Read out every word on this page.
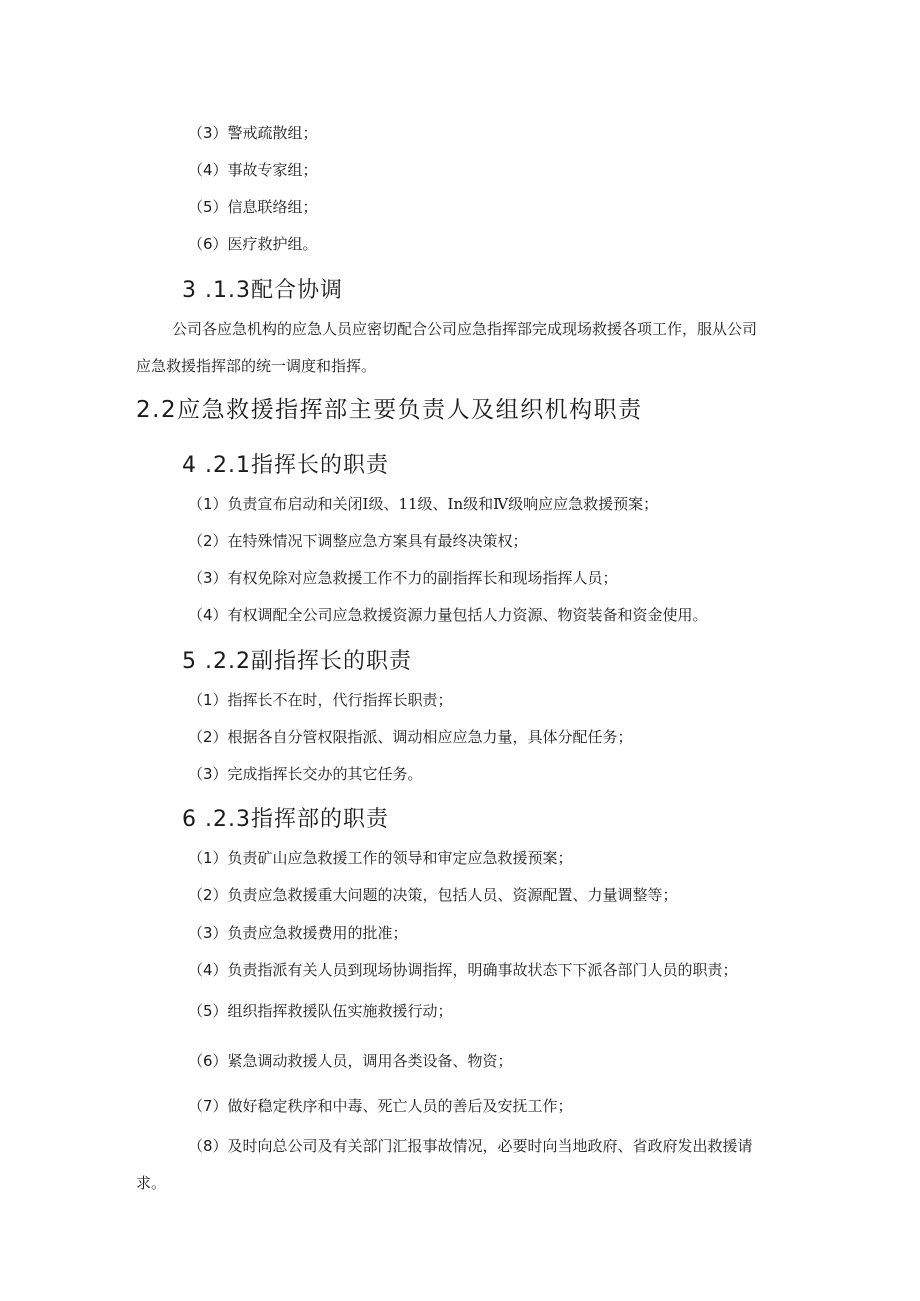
（3）警戒疏散组；
（4）事故专家组；
（5）信息联络组；
（6）医疗救护组。
3 .1.3配合协调
公司各应急机构的应急人员应密切配合公司应急指挥部完成现场救援各项工作，服从公司
应急救援指挥部的统一调度和指挥。
2.2应急救援指挥部主要负责人及组织机构职责
4 .2.1指挥长的职责
（1）负责宣布启动和关闭Ⅰ级、11级、In级和Ⅳ级响应应急救援预案；
（2）在特殊情况下调整应急方案具有最终决策权；
（3）有权免除对应急救援工作不力的副指挥长和现场指挥人员；
（4）有权调配全公司应急救援资源力量包括人力资源、物资装备和资金使用。
5 .2.2副指挥长的职责
（1）指挥长不在时，代行指挥长职责；
（2）根据各自分管权限指派、调动相应应急力量，具体分配任务；
（3）完成指挥长交办的其它任务。
6 .2.3指挥部的职责
（1）负责矿山应急救援工作的领导和审定应急救援预案；
（2）负责应急救援重大问题的决策，包括人员、资源配置、力量调整等；
（3）负责应急救援费用的批准；
（4）负责指派有关人员到现场协调指挥，明确事故状态下下派各部门人员的职责；
（5）组织指挥救援队伍实施救援行动；
（6）紧急调动救援人员，调用各类设备、物资；
（7）做好稳定秩序和中毒、死亡人员的善后及安抚工作；
（8）及时向总公司及有关部门汇报事故情况，必要时向当地政府、省政府发出救援请
求。
